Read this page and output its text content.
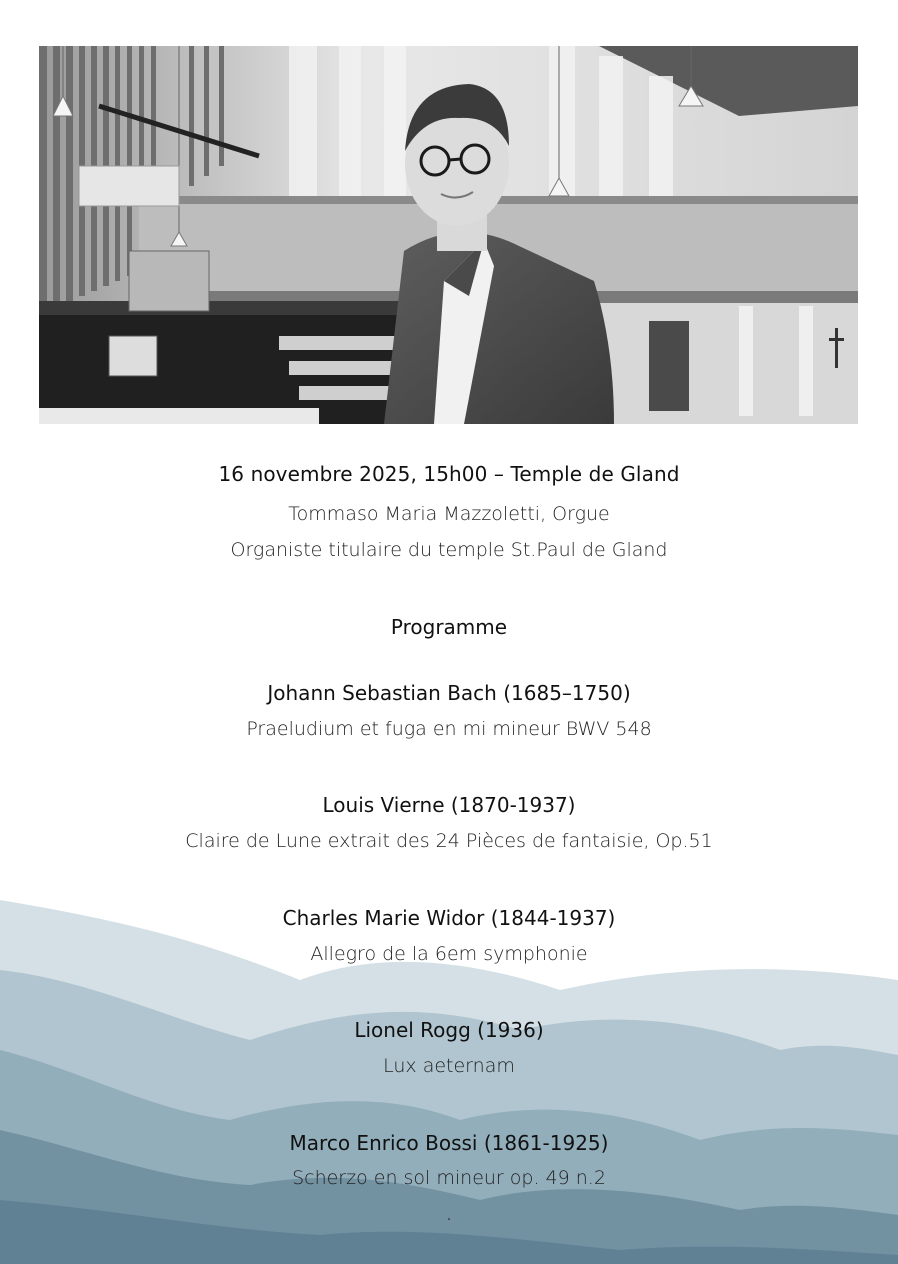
16 novembre 2025, 15h00 – Temple de Gland
Tommaso Maria Mazzoletti, Orgue
Organiste titulaire du temple St.Paul de Gland
Programme
Johann Sebastian Bach (1685–1750)
Praeludium et fuga en mi mineur BWV 548
Louis Vierne (1870-1937)
Claire de Lune extrait des 24 Pièces de fantaisie, Op.51
Charles Marie Widor (1844-1937)
Allegro de la 6em symphonie
Lionel Rogg (1936)
Lux aeternam
Marco Enrico Bossi (1861-1925)
Scherzo en sol mineur op. 49 n.2
.
